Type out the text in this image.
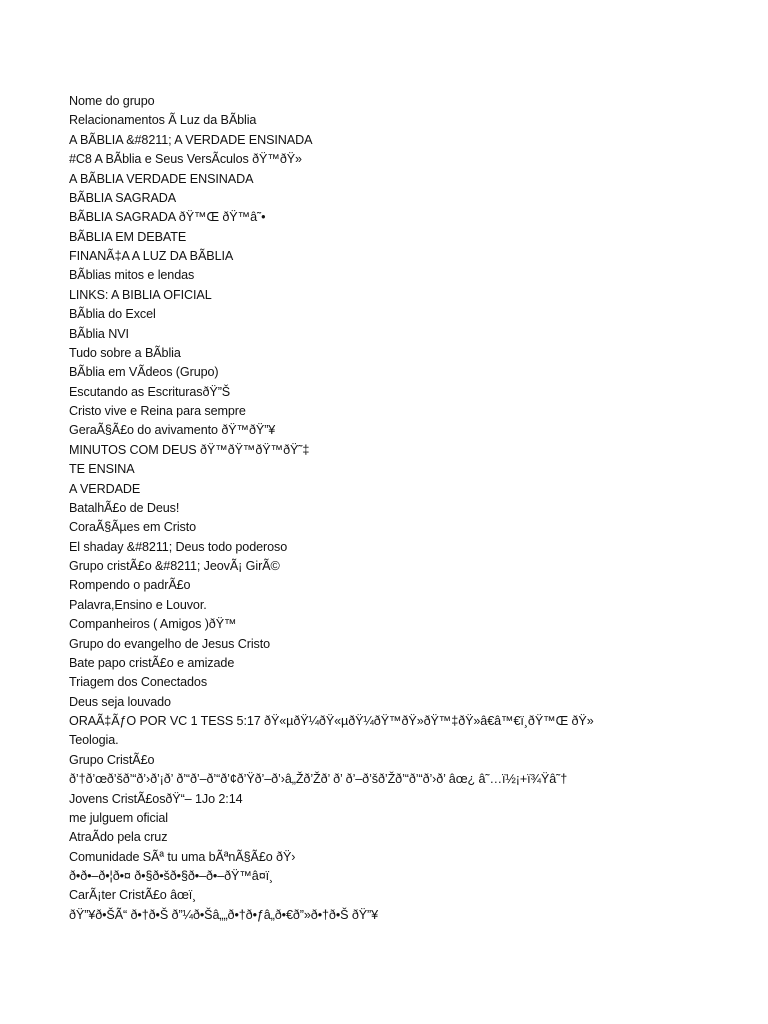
Nome do grupo
Relacionamentos Ã Luz da BÃblia
A BÃBLIA &#8211; A VERDADE ENSINADA
#C8 A BÃblia e Seus VersÃculos ðŸ™ðŸ»
A BÃBLIA VERDADE ENSINADA
BÃBLIA SAGRADA
BÃBLIA SAGRADA ðŸ™Œ ðŸ™â˜•
BÃBLIA EM DEBATE
FINANÃ‡A A LUZ DA BÃBLIA
BÃblias mitos e lendas
LINKS: A BIBLIA OFICIAL
BÃblia do Excel
BÃblia NVI
Tudo sobre a BÃblia
BÃblia em VÃdeos (Grupo)
Escutando as EscriturasðŸ”Š
Cristo vive e Reina para sempre
GeraÃ§Ã£o do avivamento ðŸ™ðŸ”¥
MINUTOS COM DEUS ðŸ™ðŸ™ðŸ™ðŸ˜‡
TE ENSINA
A VERDADE
BatalhÃ£o de Deus!
CoraÃ§Ãµes em Cristo
El shaday &#8211; Deus todo poderoso
Grupo cristÃ£o &#8211; JeovÃ¡ GirÃ©
Rompendo o padrÃ£o
Palavra,Ensino e Louvor.
Companheiros ( Amigos )ðŸ™
Grupo do evangelho de Jesus Cristo
Bate papo cristÃ£o e amizade
Triagem dos Conectados
Deus seja louvado
ORAÃ‡ÃƒO POR VC 1 TESS 5:17 ðŸ«µðŸ¼ðŸ«µðŸ¼ðŸ™ðŸ»ðŸ™‡ðŸ»â€â™€ï¸ðŸ™Œ ðŸ»
Teologia.
Grupo CristÃ£o
ð’†ð’œð’šð’“ð’›ð’¡ð’ ð’“ð’–ð’“ð’¢ð’Ÿð’–ð’›â„Žð’Žð’ ð’ ð’–ð’šð’Žð’“ð’“ð’›ð’ âœ¿ â˜…ï½¡+ï¾Ÿâ˜†
Jovens CristÃ£osðŸ“– 1Jo 2:14
me julguem oficial
AtraÃdo pela cruz
Comunidade SÃª tu uma bÃªnÃ§Ã£o ðŸ›
ð•ð•–ð•¦ð•¤ ð•§ð•šð•§ð•–ð•–ðŸ™â¤ï¸
CarÃ¡ter CristÃ£o âœï¸
ðŸ”¥ð•ŠÃ“ ð•†ð•Š ð”¼ð•Šâ„„ð•†ð•ƒâ„ð•€ð”»ð•†ð•Š ðŸ”¥
